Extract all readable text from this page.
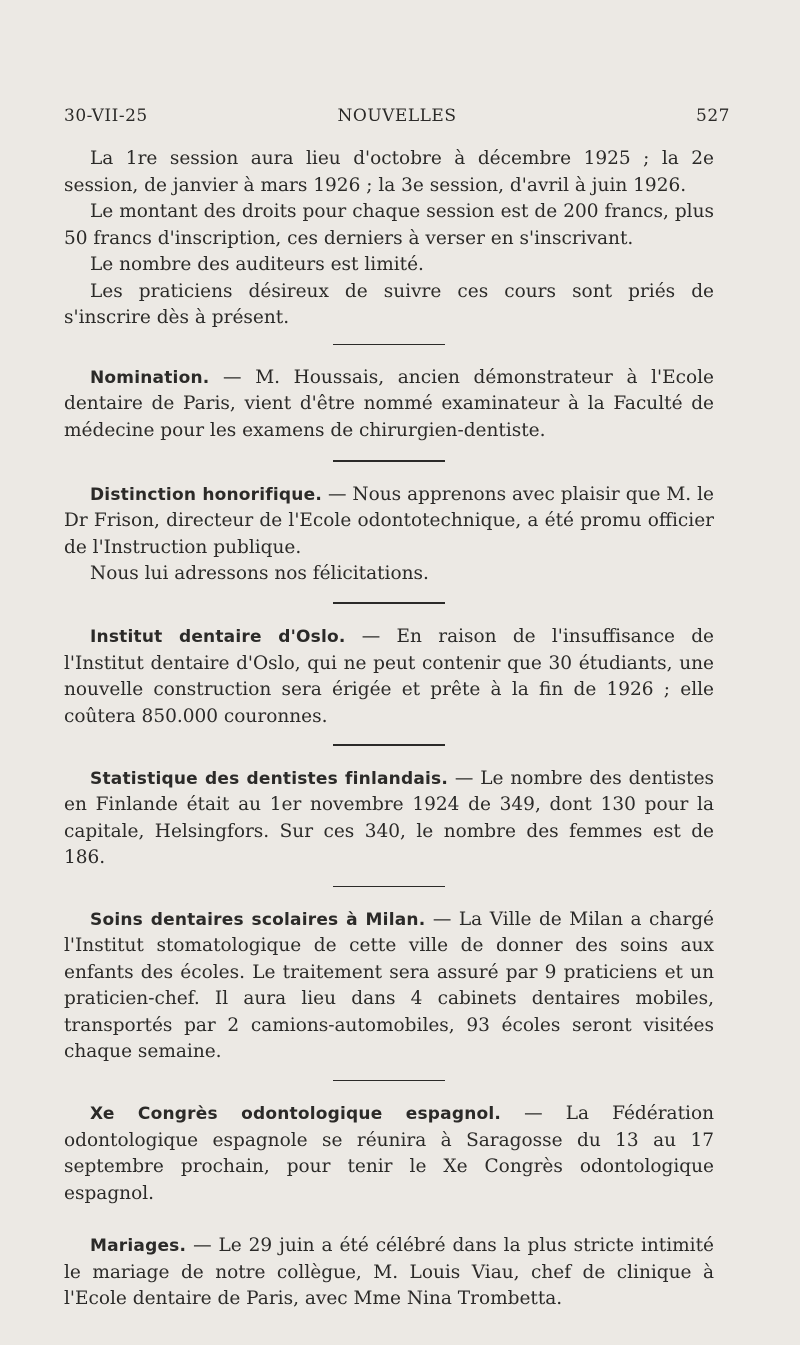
30-VII-25	NOUVELLES	527

La 1re session aura lieu d'octobre à décembre 1925 ; la 2e session, de janvier à mars 1926 ; la 3e session, d'avril à juin 1926.

Le montant des droits pour chaque session est de 200 francs, plus 50 francs d'inscription, ces derniers à verser en s'inscrivant.

Le nombre des auditeurs est limité.

Les praticiens désireux de suivre ces cours sont priés de s'inscrire dès à présent.

Nomination. — M. Houssais, ancien démonstrateur à l'Ecole dentaire de Paris, vient d'être nommé examinateur à la Faculté de médecine pour les examens de chirurgien-dentiste.

Distinction honorifique. — Nous apprenons avec plaisir que M. le Dr Frison, directeur de l'Ecole odontotechnique, a été promu officier de l'Instruction publique.

Nous lui adressons nos félicitations.

Institut dentaire d'Oslo. — En raison de l'insuffisance de l'Institut dentaire d'Oslo, qui ne peut contenir que 30 étudiants, une nouvelle construction sera érigée et prête à la fin de 1926 ; elle coûtera 850.000 couronnes.

Statistique des dentistes finlandais. — Le nombre des dentistes en Finlande était au 1er novembre 1924 de 349, dont 130 pour la capitale, Helsingfors. Sur ces 340, le nombre des femmes est de 186.

Soins dentaires scolaires à Milan. — La Ville de Milan a chargé l'Institut stomatologique de cette ville de donner des soins aux enfants des écoles. Le traitement sera assuré par 9 praticiens et un praticien-chef. Il aura lieu dans 4 cabinets dentaires mobiles, transportés par 2 camions-automobiles, 93 écoles seront visitées chaque semaine.

Xe Congrès odontologique espagnol. — La Fédération odontologique espagnole se réunira à Saragosse du 13 au 17 septembre prochain, pour tenir le Xe Congrès odontologique espagnol.

Mariages. — Le 29 juin a été célébré dans la plus stricte intimité le mariage de notre collègue, M. Louis Viau, chef de clinique à l'Ecole dentaire de Paris, avec Mme Nina Trombetta.
